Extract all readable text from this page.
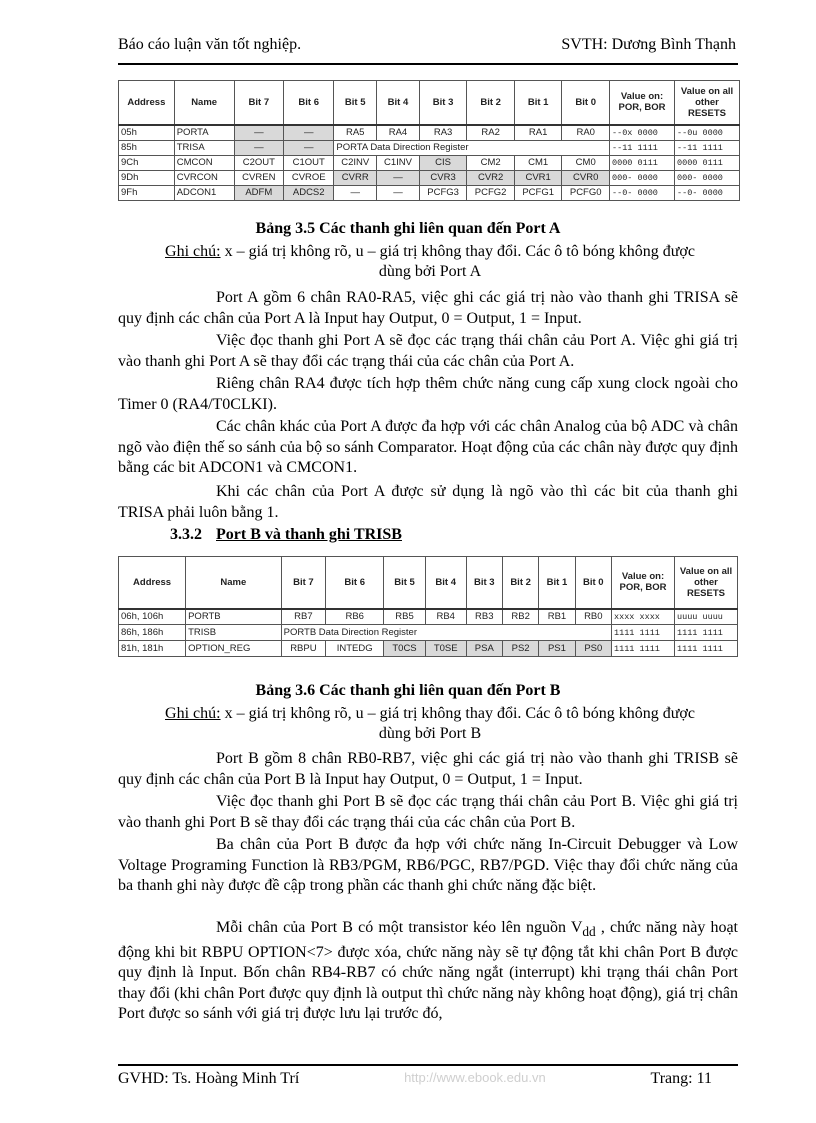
Báo cáo luận văn tốt nghiệp.	SVTH: Dương Bình Thạnh
Address	Name	Bit 7	Bit 6	Bit 5	Bit 4	Bit 3	Bit 2	Bit 1	Bit 0	Value on: POR, BOR	Value on all other RESETS
05h	PORTA	—	—	RA5	RA4	RA3	RA2	RA1	RA0	--0x 0000	--0u 0000
85h	TRISA	—	—	PORTA Data Direction Register						--11 1111	--11 1111
9Ch	CMCON	C2OUT	C1OUT	C2INV	C1INV	CIS	CM2	CM1	CM0	0000 0111	0000 0111
9Dh	CVRCON	CVREN	CVROE	CVRR	—	CVR3	CVR2	CVR1	CVR0	000- 0000	000- 0000
9Fh	ADCON1	ADFM	ADCS2	—	—	PCFG3	PCFG2	PCFG1	PCFG0	--0- 0000	--0- 0000
Bảng 3.5 Các thanh ghi liên quan đến Port A
Ghi chú: x – giá trị không rõ, u – giá trị không thay đổi. Các ô tô bóng không được dùng bởi Port A
Port A gồm 6 chân RA0-RA5, việc ghi các giá trị nào vào thanh ghi TRISA sẽ quy định các chân của Port A là Input hay Output, 0 = Output, 1 = Input.
Việc đọc thanh ghi Port A sẽ đọc các trạng thái chân cảu Port A. Việc ghi giá trị vào thanh ghi Port A sẽ thay đổi các trạng thái của các chân của Port A.
Riêng chân RA4 được tích hợp thêm chức năng cung cấp xung clock ngoài cho Timer 0 (RA4/T0CLKI).
Các chân khác của Port A được đa hợp với các chân Analog của bộ ADC và chân ngõ vào điện thế so sánh của bộ so sánh Comparator. Hoạt động của các chân này được quy định bằng các bit ADCON1 và CMCON1.
Khi các chân của Port A được sử dụng là ngõ vào thì các bit của thanh ghi TRISA phải luôn bằng 1.
3.3.2 Port B và thanh ghi TRISB
Address	Name	Bit 7	Bit 6	Bit 5	Bit 4	Bit 3	Bit 2	Bit 1	Bit 0	Value on: POR, BOR	Value on all other RESETS
06h, 106h	PORTB	RB7	RB6	RB5	RB4	RB3	RB2	RB1	RB0	xxxx xxxx	uuuu uuuu
86h, 186h	TRISB	PORTB Data Direction Register								1111 1111	1111 1111
81h, 181h	OPTION_REG	RBPU	INTEDG	T0CS	T0SE	PSA	PS2	PS1	PS0	1111 1111	1111 1111
Bảng 3.6 Các thanh ghi liên quan đến Port B
Ghi chú: x – giá trị không rõ, u – giá trị không thay đổi. Các ô tô bóng không được dùng bởi Port B
Port B gồm 8 chân RB0-RB7, việc ghi các giá trị nào vào thanh ghi TRISB sẽ quy định các chân của Port B là Input hay Output, 0 = Output, 1 = Input.
Việc đọc thanh ghi Port B sẽ đọc các trạng thái chân cảu Port B. Việc ghi giá trị vào thanh ghi Port B sẽ thay đổi các trạng thái của các chân của Port B.
Ba chân của Port B được đa hợp với chức năng In-Circuit Debugger và Low Voltage Programing Function là RB3/PGM, RB6/PGC, RB7/PGD. Việc thay đổi chức năng của ba thanh ghi này được đề cập trong phần các thanh ghi chức năng đặc biệt.
Mỗi chân của Port B có một transistor kéo lên nguồn $V_{dd}$ , chức năng này hoạt động khi bit RBPU OPTION<7> được xóa, chức năng này sẽ tự động tắt khi chân Port B được quy định là Input. Bốn chân RB4-RB7 có chức năng ngắt (interrupt) khi trạng thái chân Port thay đổi (khi chân Port được quy định là output thì chức năng này không hoạt động), giá trị chân Port được so sánh với giá trị được lưu lại trước đó,
GVHD: Ts. Hoàng Minh Trí	http://www.ebook.edu.vn	Trang: 11
